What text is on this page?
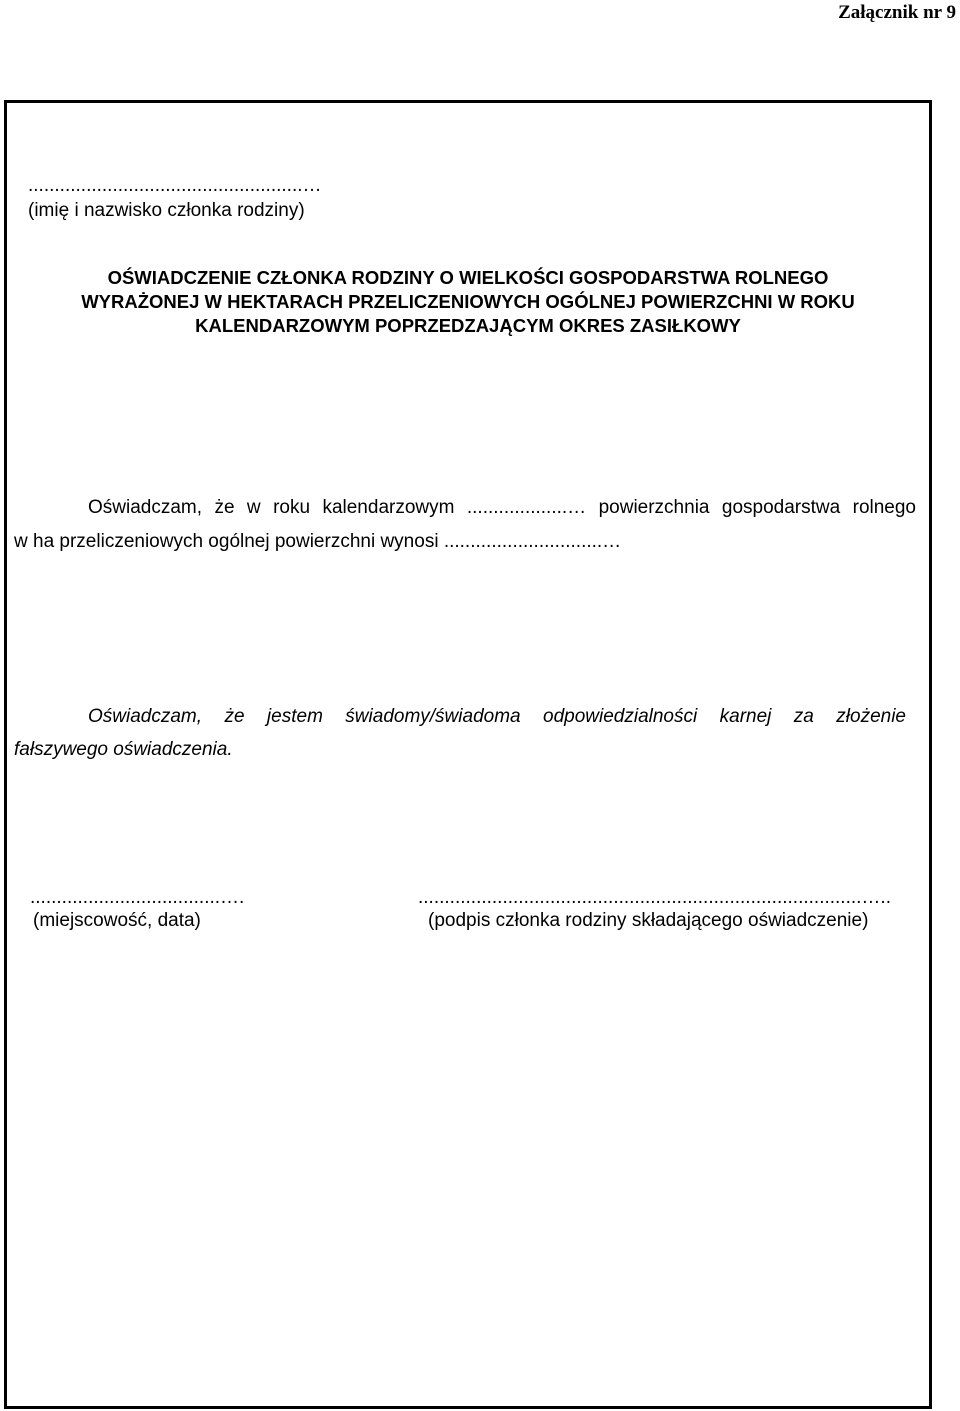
Załącznik nr 9
....................................................…
(imię i nazwisko członka rodziny)
OŚWIADCZENIE CZŁONKA RODZINY O WIELKOŚCI GOSPODARSTWA ROLNEGO
WYRAŻONEJ W HEKTARACH PRZELICZENIOWYCH OGÓLNEJ POWIERZCHNI W ROKU
KALENDARZOWYM POPRZEDZAJĄCYM OKRES ZASIŁKOWY
Oświadczam, że w roku kalendarzowym ...................… powierzchnia gospodarstwa rolnego
w ha przeliczeniowych ogólnej powierzchni wynosi ..............................…
Oświadczam, że jestem świadomy/świadoma odpowiedzialności karnej za złożenie
fałszywego oświadczenia.
....................................….
(miejscowość, data)
....................................................................................…..
(podpis członka rodziny składającego oświadczenie)
